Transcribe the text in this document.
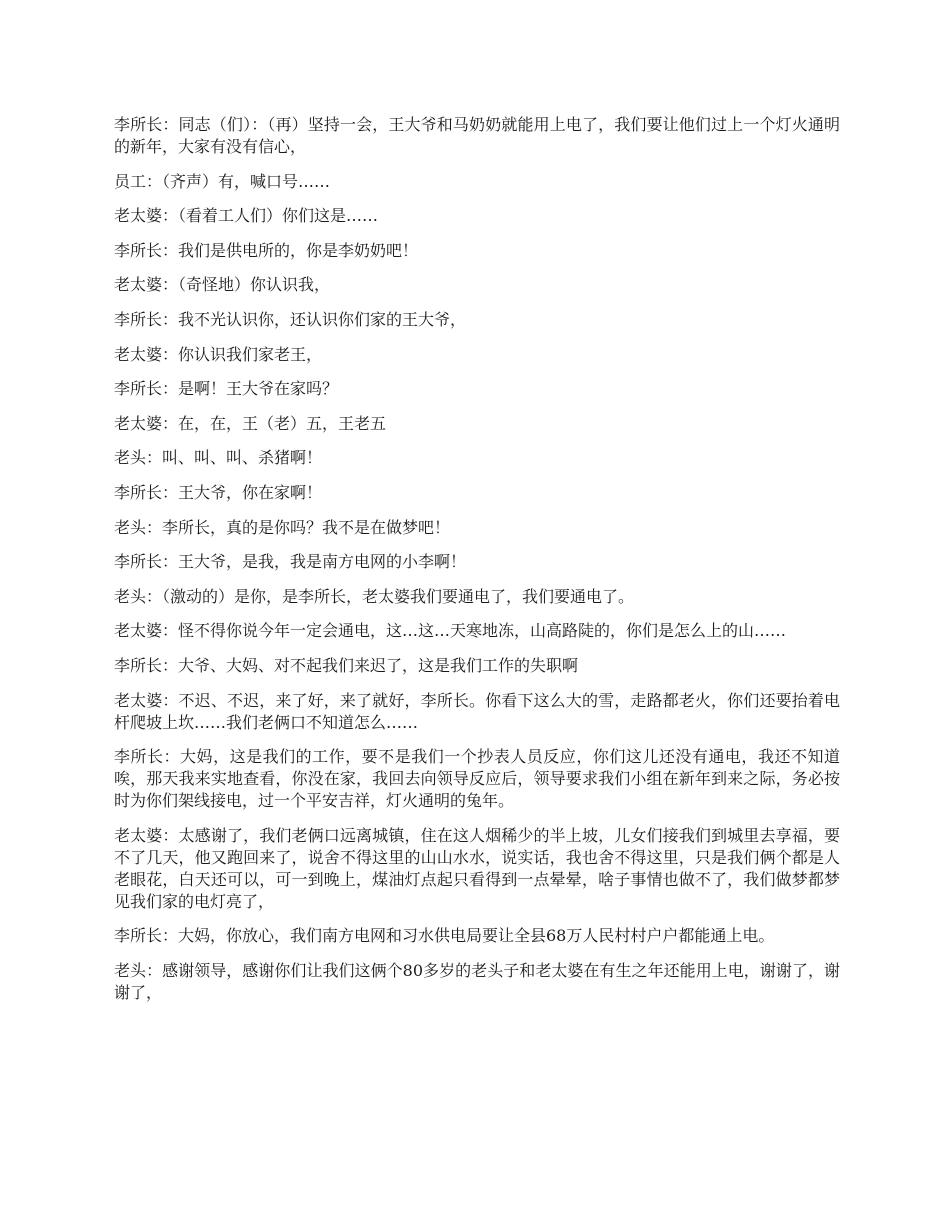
李所长：同志（们）：（再）坚持一会，王大爷和马奶奶就能用上电了，我们要让他们过上一个灯火通明的新年，大家有没有信心，

员工：（齐声）有，喊口号……

老太婆：（看着工人们）你们这是……

李所长：我们是供电所的，你是李奶奶吧！

老太婆：（奇怪地）你认识我，

李所长：我不光认识你，还认识你们家的王大爷，

老太婆：你认识我们家老王，

李所长：是啊！王大爷在家吗？

老太婆：在，在，王（老）五，王老五

老头：叫、叫、叫、杀猪啊！

李所长：王大爷，你在家啊！

老头：李所长，真的是你吗？我不是在做梦吧！

李所长：王大爷，是我，我是南方电网的小李啊！

老头：（激动的）是你，是李所长，老太婆我们要通电了，我们要通电了。

老太婆：怪不得你说今年一定会通电，这…这…天寒地冻，山高路陡的，你们是怎么上的山……

李所长：大爷、大妈、对不起我们来迟了，这是我们工作的失职啊

老太婆：不迟、不迟，来了好，来了就好，李所长。你看下这么大的雪，走路都老火，你们还要抬着电杆爬坡上坎……我们老俩口不知道怎么……

李所长：大妈，这是我们的工作，要不是我们一个抄表人员反应，你们这儿还没有通电，我还不知道唉，那天我来实地查看，你没在家，我回去向领导反应后，领导要求我们小组在新年到来之际，务必按时为你们架线接电，过一个平安吉祥，灯火通明的兔年。

老太婆：太感谢了，我们老俩口远离城镇，住在这人烟稀少的半上坡，儿女们接我们到城里去享福，要不了几天，他又跑回来了，说舍不得这里的山山水水，说实话，我也舍不得这里，只是我们俩个都是人老眼花，白天还可以，可一到晚上，煤油灯点起只看得到一点晕晕，啥子事情也做不了，我们做梦都梦见我们家的电灯亮了，

李所长：大妈，你放心，我们南方电网和习水供电局要让全县68万人民村村户户都能通上电。

老头：感谢领导，感谢你们让我们这俩个80多岁的老头子和老太婆在有生之年还能用上电，谢谢了，谢谢了，
